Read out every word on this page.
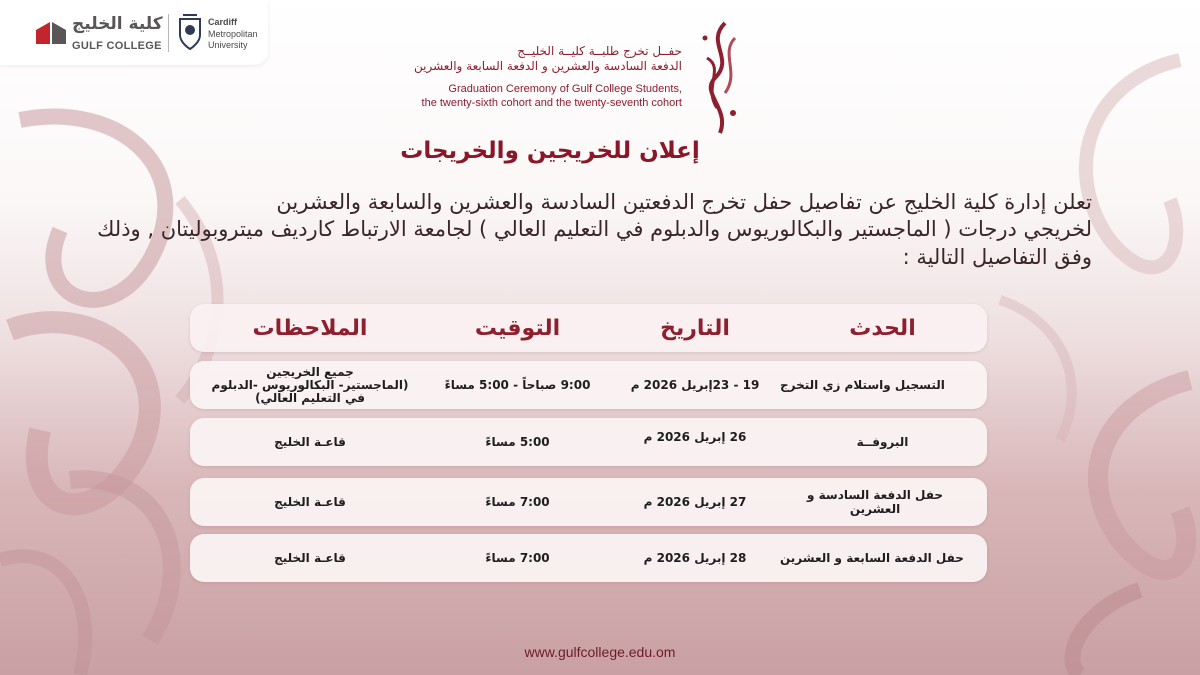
كلية الخليج
GULF COLLEGE
Cardiff
Metropolitan
University	حفــل تخرج طلبــة كليــة الخليــج
الدفعة السادسة والعشرين و الدفعة السابعة والعشرين
Graduation Ceremony of Gulf College Students,
the twenty-sixth cohort and the twenty-seventh cohort
إعلان للخريجين والخريجات
تعلن إدارة كلية الخليج عن تفاصيل حفل تخرج الدفعتين السادسة والعشرين والسابعة والعشرين
لخريجي درجات ( الماجستير والبكالوريوس والدبلوم في التعليم العالي ) لجامعة الارتباط كارديف ميتروبوليتان , وذلك
وفق التفاصيل التالية :
الحدث
التاريخ
التوقيت
الملاحظات
التسجيل واستلام زي التخرج
19 - 23إبريل 2026 م
9:00 صباحاً - 5:00 مساءً
جميع الخريجين
(الماجستير- البكالوريوس -الدبلوم
في التعليم العالي)
البروفــة
26 إبريل 2026 م
5:00 مساءً
قاعـة الخليج
حفل الدفعة السادسة و العشرين
27 إبريل 2026 م
7:00 مساءً
قاعـة الخليج
حفل الدفعة السابعة و العشرين
28 إبريل 2026 م
7:00 مساءً
قاعـة الخليج
www.gulfcollege.edu.om
